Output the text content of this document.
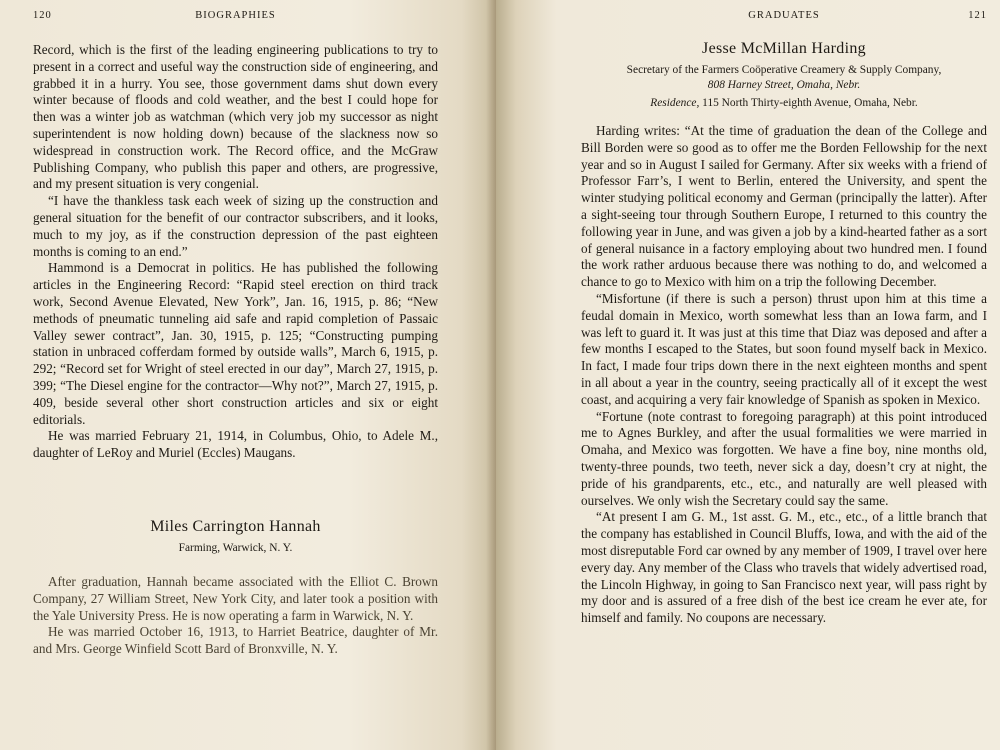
120	BIOGRAPHIES

Record, which is the first of the leading engineering publications to try to present in a correct and useful way the construction side of engineering, and grabbed it in a hurry. You see, those government dams shut down every winter because of floods and cold weather, and the best I could hope for then was a winter job as watchman (which very job my successor as night superintendent is now holding down) because of the slackness now so widespread in construction work. The Record office, and the McGraw Publishing Company, who publish this paper and others, are progressive, and my present situation is very congenial.

“I have the thankless task each week of sizing up the construction and general situation for the benefit of our contractor subscribers, and it looks, much to my joy, as if the construction depression of the past eighteen months is coming to an end.”

Hammond is a Democrat in politics. He has published the following articles in the Engineering Record: “Rapid steel erection on third track work, Second Avenue Elevated, New York”, Jan. 16, 1915, p. 86; “New methods of pneumatic tunneling aid safe and rapid completion of Passaic Valley sewer contract”, Jan. 30, 1915, p. 125; “Constructing pumping station in unbraced cofferdam formed by outside walls”, March 6, 1915, p. 292; “Record set for Wright of steel erected in our day”, March 27, 1915, p. 399; “The Diesel engine for the contractor—Why not?”, March 27, 1915, p. 409, beside several other short construction articles and six or eight editorials.

He was married February 21, 1914, in Columbus, Ohio, to Adele M., daughter of LeRoy and Muriel (Eccles) Maugans.

Miles Carrington Hannah
Farming, Warwick, N. Y.

After graduation, Hannah became associated with the Elliot C. Brown Company, 27 William Street, New York City, and later took a position with the Yale University Press. He is now operating a farm in Warwick, N. Y.

He was married October 16, 1913, to Harriet Beatrice, daughter of Mr. and Mrs. George Winfield Scott Bard of Bronxville, N. Y.

GRADUATES	121
Jesse McMillan Harding
Secretary of the Farmers Coöperative Creamery & Supply Company,
808 Harney Street, Omaha, Nebr.
Residence, 115 North Thirty-eighth Avenue, Omaha, Nebr.

Harding writes: “At the time of graduation the dean of the College and Bill Borden were so good as to offer me the Borden Fellowship for the next year and so in August I sailed for Germany. After six weeks with a friend of Professor Farr’s, I went to Berlin, entered the University, and spent the winter studying political economy and German (principally the latter). After a sight-seeing tour through Southern Europe, I returned to this country the following year in June, and was given a job by a kind-hearted father as a sort of general nuisance in a factory employing about two hundred men. I found the work rather arduous because there was nothing to do, and welcomed a chance to go to Mexico with him on a trip the following December.

“Misfortune (if there is such a person) thrust upon him at this time a feudal domain in Mexico, worth somewhat less than an Iowa farm, and I was left to guard it. It was just at this time that Diaz was deposed and after a few months I escaped to the States, but soon found myself back in Mexico. In fact, I made four trips down there in the next eighteen months and spent in all about a year in the country, seeing practically all of it except the west coast, and acquiring a very fair knowledge of Spanish as spoken in Mexico.

“Fortune (note contrast to foregoing paragraph) at this point introduced me to Agnes Burkley, and after the usual formalities we were married in Omaha, and Mexico was forgotten. We have a fine boy, nine months old, twenty-three pounds, two teeth, never sick a day, doesn’t cry at night, the pride of his grandparents, etc., etc., and naturally are well pleased with ourselves. We only wish the Secretary could say the same.

“At present I am G. M., 1st asst. G. M., etc., etc., of a little branch that the company has established in Council Bluffs, Iowa, and with the aid of the most disreputable Ford car owned by any member of 1909, I travel over here every day. Any member of the Class who travels that widely advertised road, the Lincoln Highway, in going to San Francisco next year, will pass right by my door and is assured of a free dish of the best ice cream he ever ate, for himself and family. No coupons are necessary.
